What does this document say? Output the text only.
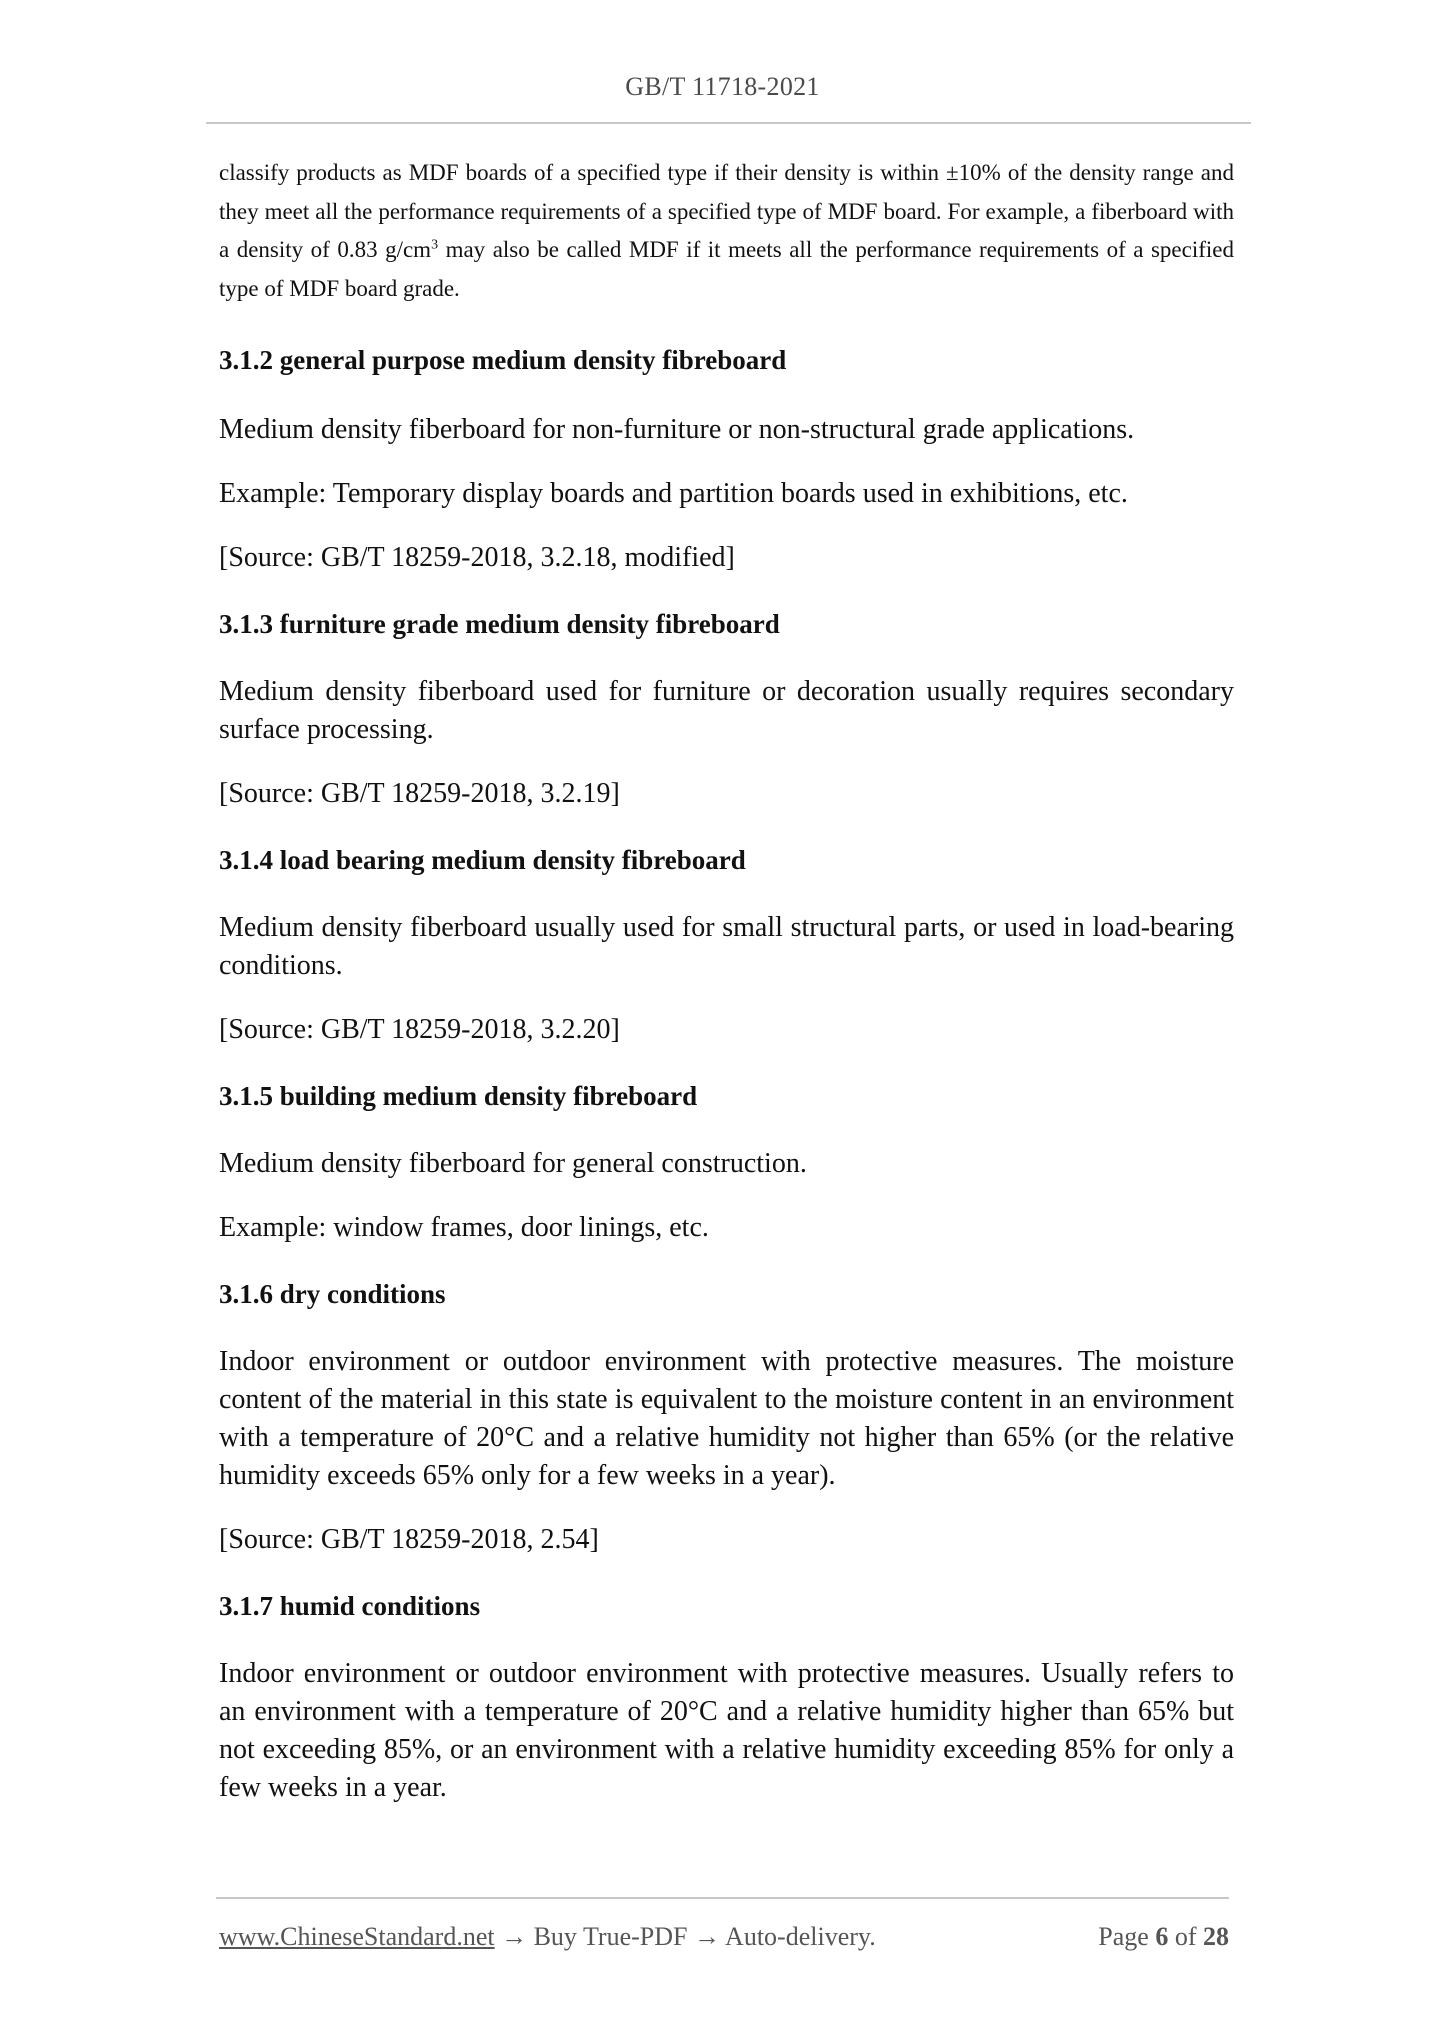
GB/T 11718-2021

classify products as MDF boards of a specified type if their density is within ±10% of the density range and they meet all the performance requirements of a specified type of MDF board. For example, a fiberboard with a density of 0.83 $g/cm^3$ may also be called MDF if it meets all the performance requirements of a specified type of MDF board grade.

3.1.2 general purpose medium density fibreboard

Medium density fiberboard for non-furniture or non-structural grade applications.

Example: Temporary display boards and partition boards used in exhibitions, etc.

[Source: GB/T 18259-2018, 3.2.18, modified]

3.1.3 furniture grade medium density fibreboard

Medium density fiberboard used for furniture or decoration usually requires secondary surface processing.

[Source: GB/T 18259-2018, 3.2.19]

3.1.4 load bearing medium density fibreboard

Medium density fiberboard usually used for small structural parts, or used in load-bearing conditions.

[Source: GB/T 18259-2018, 3.2.20]

3.1.5 building medium density fibreboard

Medium density fiberboard for general construction.

Example: window frames, door linings, etc.

3.1.6 dry conditions

Indoor environment or outdoor environment with protective measures. The moisture content of the material in this state is equivalent to the moisture content in an environment with a temperature of 20°C and a relative humidity not higher than 65% (or the relative humidity exceeds 65% only for a few weeks in a year).

[Source: GB/T 18259-2018, 2.54]

3.1.7 humid conditions

Indoor environment or outdoor environment with protective measures. Usually refers to an environment with a temperature of 20°C and a relative humidity higher than 65% but not exceeding 85%, or an environment with a relative humidity exceeding 85% for only a few weeks in a year.

www.ChineseStandard.net → Buy True-PDF → Auto-delivery.	Page 6 of 28
